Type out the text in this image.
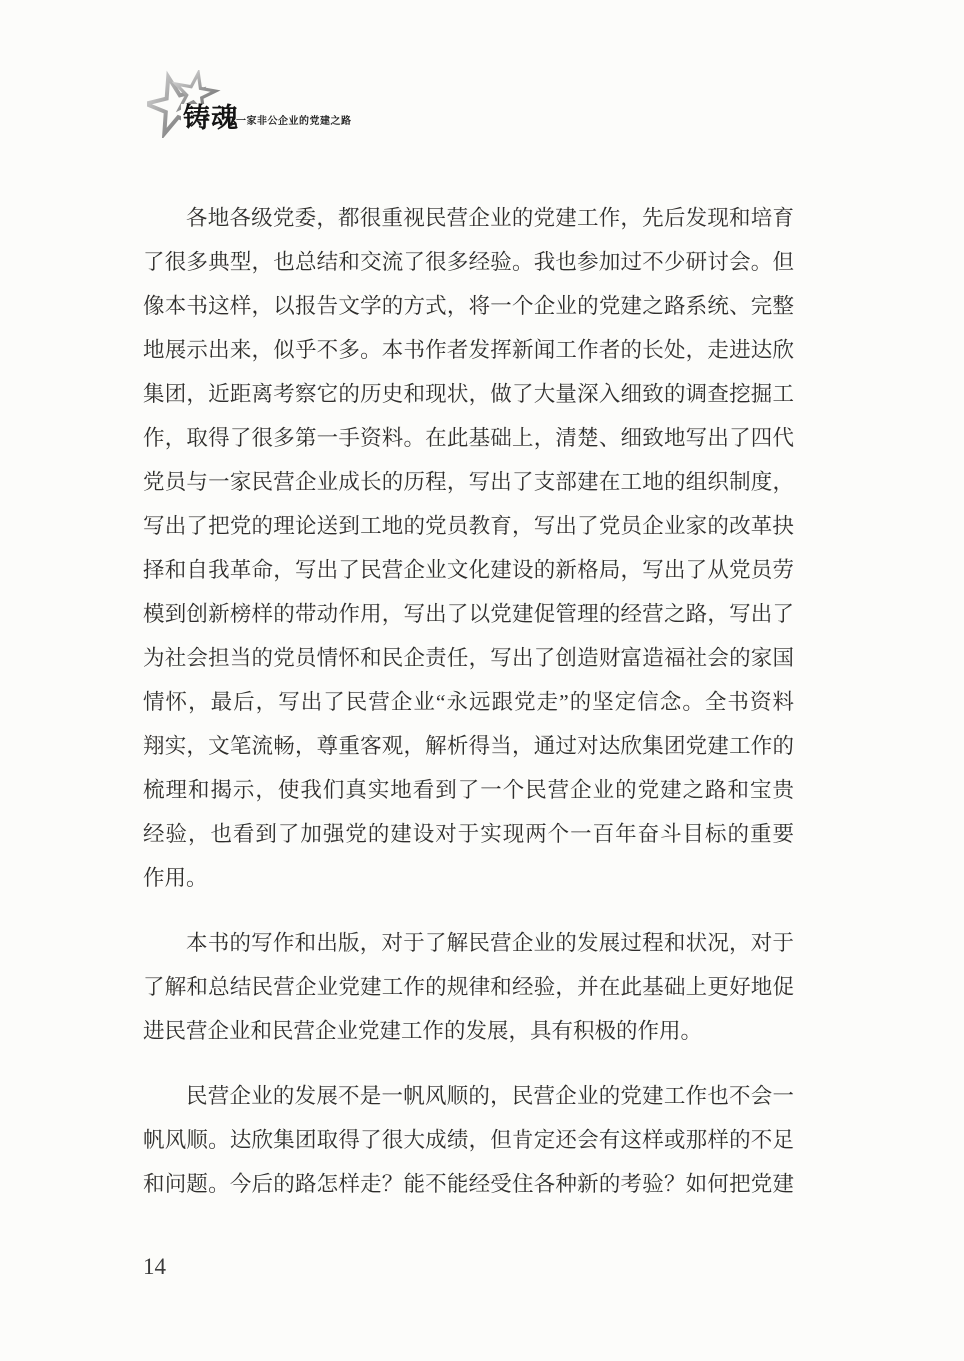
铸魂
一家非公企业的党建之路
各地各级党委，都很重视民营企业的党建工作，先后发现和培育
了很多典型，也总结和交流了很多经验。我也参加过不少研讨会。但
像本书这样，以报告文学的方式，将一个企业的党建之路系统、完整
地展示出来，似乎不多。本书作者发挥新闻工作者的长处，走进达欣
集团，近距离考察它的历史和现状，做了大量深入细致的调查挖掘工
作，取得了很多第一手资料。在此基础上，清楚、细致地写出了四代
党员与一家民营企业成长的历程，写出了支部建在工地的组织制度，
写出了把党的理论送到工地的党员教育，写出了党员企业家的改革抉
择和自我革命，写出了民营企业文化建设的新格局，写出了从党员劳
模到创新榜样的带动作用，写出了以党建促管理的经营之路，写出了
为社会担当的党员情怀和民企责任，写出了创造财富造福社会的家国
情怀，最后，写出了民营企业“永远跟党走”的坚定信念。全书资料
翔实，文笔流畅，尊重客观，解析得当，通过对达欣集团党建工作的
梳理和揭示，使我们真实地看到了一个民营企业的党建之路和宝贵
经验，也看到了加强党的建设对于实现两个一百年奋斗目标的重要
作用。
本书的写作和出版，对于了解民营企业的发展过程和状况，对于
了解和总结民营企业党建工作的规律和经验，并在此基础上更好地促
进民营企业和民营企业党建工作的发展，具有积极的作用。
民营企业的发展不是一帆风顺的，民营企业的党建工作也不会一
帆风顺。达欣集团取得了很大成绩，但肯定还会有这样或那样的不足
和问题。今后的路怎样走？能不能经受住各种新的考验？如何把党建
14
